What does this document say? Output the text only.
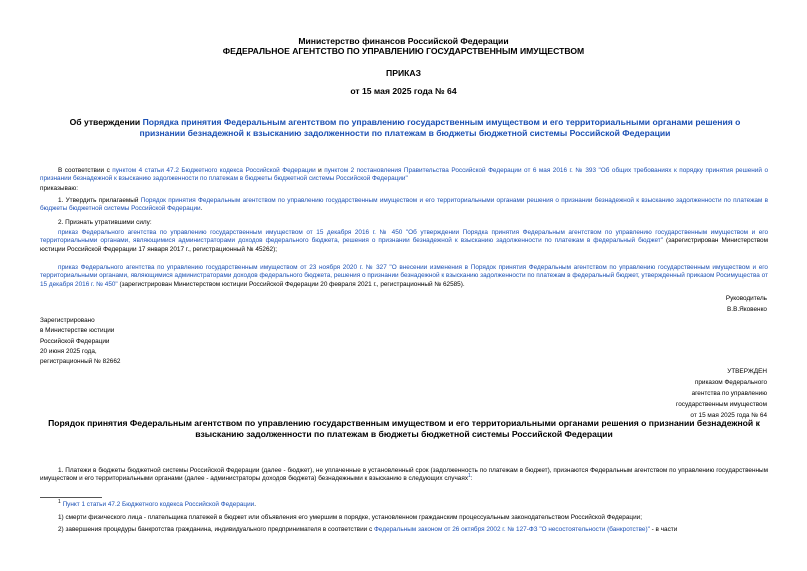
Министерство финансов Российской Федерации
ФЕДЕРАЛЬНОЕ АГЕНТСТВО ПО УПРАВЛЕНИЮ ГОСУДАРСТВЕННЫМ ИМУЩЕСТВОМ
ПРИКАЗ
от 15 мая 2025 года № 64
Об утверждении Порядка принятия Федеральным агентством по управлению государственным имуществом и его территориальными органами решения о признании безнадежной к взысканию задолженности по платежам в бюджеты бюджетной системы Российской Федерации
В соответствии с пунктом 4 статьи 47.2 Бюджетного кодекса Российской Федерации и пунктом 2 постановления Правительства Российской Федерации от 6 мая 2016 г. № 393 "Об общих требованиях к порядку принятия решений о признании безнадежной к взысканию задолженности по платежам в бюджеты бюджетной системы Российской Федерации"
приказываю:
1. Утвердить прилагаемый Порядок принятия Федеральным агентством по управлению государственным имуществом и его территориальными органами решения о признании безнадежной к взысканию задолженности по платежам в бюджеты бюджетной системы Российской Федерации.
2. Признать утратившими силу:
приказ Федерального агентства по управлению государственным имуществом от 15 декабря 2016 г. № 450 "Об утверждении Порядка принятия Федеральным агентством по управлению государственным имуществом и его территориальными органами, являющимися администраторами доходов федерального бюджета, решения о признании безнадежной к взысканию задолженности по платежам в федеральный бюджет" (зарегистрирован Министерством юстиции Российской Федерации 17 января 2017 г., регистрационный № 45262);
приказ Федерального агентства по управлению государственным имуществом от 23 ноября 2020 г. № 327 "О внесении изменения в Порядок принятия Федеральным агентством по управлению государственным имуществом и его территориальными органами, являющимися администраторами доходов федерального бюджета, решения о признании безнадежной к взысканию задолженности по платежам в федеральный бюджет, утвержденный приказом Росимущества от 15 декабря 2016 г. № 450" (зарегистрирован Министерством юстиции Российской Федерации 20 февраля 2021 г., регистрационный № 62585).
Руководитель
В.В.Яковенко
Зарегистрировано
в Министерстве юстиции
Российской Федерации
20 июня 2025 года,
регистрационный № 82662
УТВЕРЖДЕН
приказом Федерального
агентства по управлению
государственным имуществом
от 15 мая 2025 года № 64
Порядок принятия Федеральным агентством по управлению государственным имуществом и его территориальными органами решения о признании безнадежной к взысканию задолженности по платежам в бюджеты бюджетной системы Российской Федерации
1. Платежи в бюджеты бюджетной системы Российской Федерации (далее - бюджет), не уплаченные в установленный срок (задолженность по платежам в бюджет), признаются Федеральным агентством по управлению государственным имуществом и его территориальными органами (далее - администраторы доходов бюджета) безнадежными к взысканию в следующих случаях$^1$:
$^1$ Пункт 1 статьи 47.2 Бюджетного кодекса Российской Федерации.
1) смерти физического лица - плательщика платежей в бюджет или объявления его умершим в порядке, установленном гражданским процессуальным законодательством Российской Федерации;
2) завершения процедуры банкротства гражданина, индивидуального предпринимателя в соответствии с Федеральным законом от 26 октября 2002 г. № 127-ФЗ "О несостоятельности (банкротстве)" - в части
